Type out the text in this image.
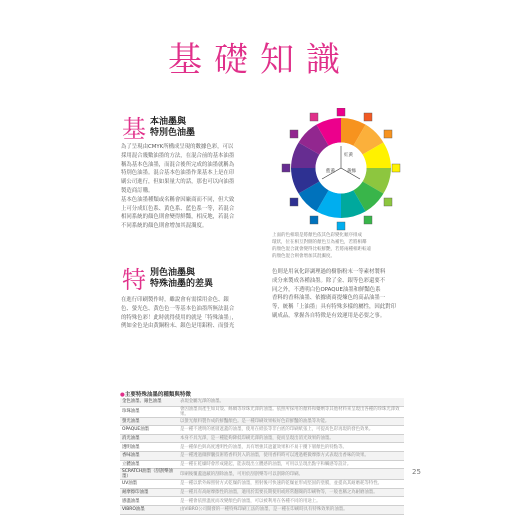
基礎知識
基 本油墨與
特別色油墨
為了呈現由CMYK所構成呈現的數據色彩，可以
採用混合幾數油墨的方法，在混合前的基本油墨
稱為基本色油墨，而混合後所完成的油墨就稱為
特別色油墨。混合基本色油墨作業基本上是在印
刷公司進行，但如果量大的話，那也可以向油墨
製造商訂購。
基本色油墨種類或名稱會因廠商而不同，但大致
上可分成紅色系、黃色系、藍色系一等，若混合
相同系統的顏色則會變得鮮豔，相反地，若混合
不同系統的顏色則會增加其混濁度。
紅黃
藍黃	黃綠
上面的色相環是將顏色依其色彩變化順序排成
環狀，位在相互對側的顏色互為補色，若將相鄰
的顏色混合就會變得比較鮮艷，若將兩種相距較遠
的顏色混合則會增加其混濁度。
特 別色油墨與
特殊油墨的差異
在進行印刷製作時，雖說會有需採用金色、銀
色、螢光色、黃色色一等基本色油墨所無法混合
的特殊色彩！此時就得使用的就是「特殊油墨」，
例如金色是由黃銅粉末、銀色是用鋁粉、而螢光
色則是用氧化鋅調理過的樹脂粉末一等素材製料
成分來製成各種油墨。除了金、銀等色彩還要不
同之外，不透明白色OPAQUE油墨和鮮豔色系
香料的香料油墨、依據廣商提煉色的高品油墨一
等，統稱「上油墨」具有特殊多樣的屬性，因此對印
刷成品，掌握各自特徵是有效運用是必要之事。
●主要特殊油墨的種類與特徵
金色油墨、銀色油墨	表現金屬光澤的油墨。
珍珠油墨	會因油墨而產生如貝殼、絲綢等珍珠光澤的油墨。依照所採用的顏料和藥劑等其他材料來呈現出各種的珍珠光澤效果。
螢光油墨	以螢光顏料製作成的鮮豔顏色。是一種印刷效果較好色彩鮮豔的油墨等功能。
OPAQUE油墨	是一種不透明的底層遮蓋的油墨，使用在紙張等非白底的印刷紙張上，可提高色彩再現的發色效果。
消光油墨	本身不具光澤，是一種能夠降低印刷光澤的油墨，從而呈現出消光效果的油墨。
透明油墨	是一種保色與高度透明性的油墨，具有增強其遮蓋效果和不易干擾下層顏色的特點等。
香味油墨	是一種透過微膠囊技術將香料封入的油墨，使用香料時可以透過輕微摩擦方式表現出香味的效果。
立體油墨	是一種在乾燥時會形成隆起，能表現出立體感的油墨，可用以呈現出點字和觸感等設計。
SCRATCH油墨（刮刮樂油墨）	印刷後覆蓋遮蔽的刮除油墨，可用於刮刮樂等可以刮除的印刷。
UV油墨	是一種以紫外線照射方式乾燥的油墨，照射後可快速的乾燥並形成堅固的塗膜，並提高其耐磨耗等特性。
耐摩擦印油墨	是一種具有高耐摩擦性的油墨，適用於需要長期使用或經常翻閱的印刷物等，一般也稱之為耐磨油墨。
感溫油墨	是一種會依照溫度而改變顏色的油墨，可以被利用在各種不同的用途上。
VIBRO油墨	由VIBRO公司開發的一種特殊印刷工法的油墨，是一種在印刷時具有特殊效果的油墨。
25
